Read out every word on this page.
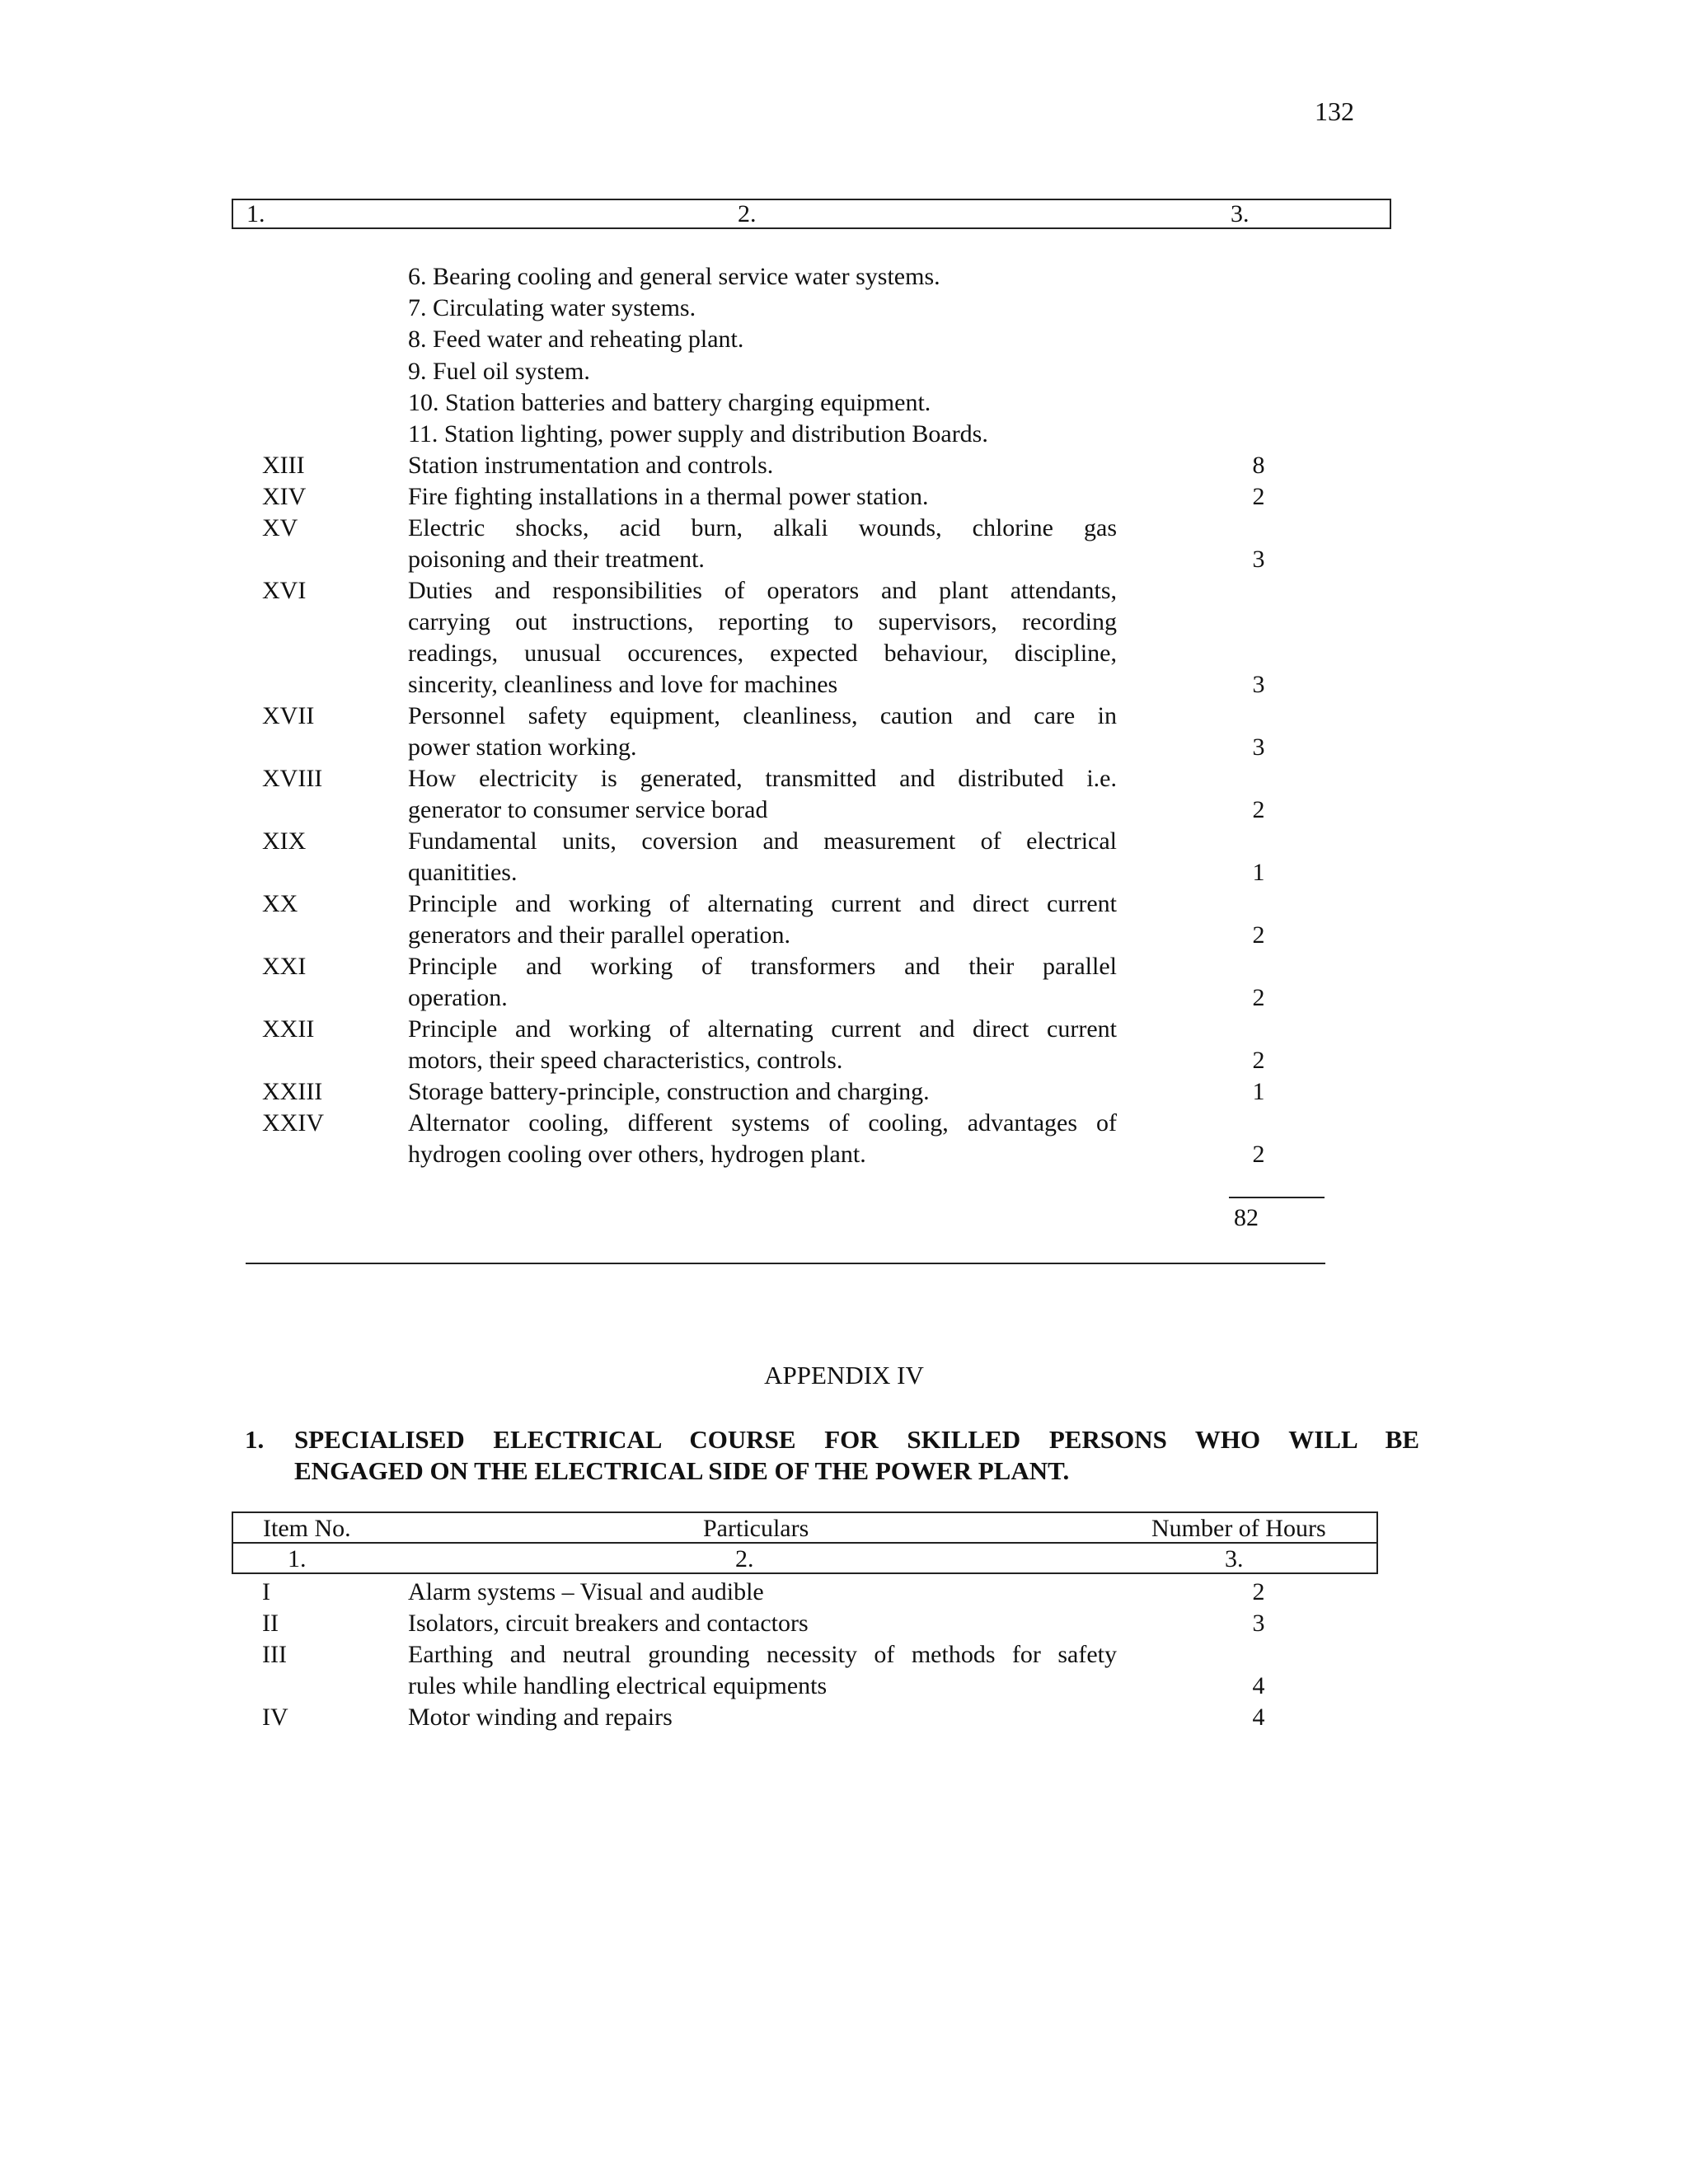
132
1.	2.	3.
6. Bearing cooling and general service water systems.
7. Circulating water systems.
8. Feed water and reheating plant.
9. Fuel oil system.
10. Station batteries and battery charging equipment.
11. Station lighting, power supply and distribution Boards.
XIII	Station instrumentation and controls.	8
XIV	Fire fighting installations in a thermal power station.	2
XV	Electric shocks, acid burn, alkali wounds, chlorine gas
poisoning and their treatment.	3
XVI	Duties and responsibilities of operators and plant attendants,
carrying out instructions, reporting to supervisors, recording
readings, unusual occurences, expected behaviour, discipline,
sincerity, cleanliness and love for machines	3
XVII	Personnel safety equipment, cleanliness, caution and care in
power station working.	3
XVIII	How electricity is generated, transmitted and distributed i.e.
generator to consumer service borad	2
XIX	Fundamental units, coversion and measurement of electrical
quanitities.	1
XX	Principle and working of alternating current and direct current
generators and their parallel operation.	2
XXI	Principle and working of transformers and their parallel
operation.	2
XXII	Principle and working of alternating current and direct current
motors, their speed characteristics, controls.	2
XXIII	Storage battery-principle, construction and charging.	1
XXIV	Alternator cooling, different systems of cooling, advantages of
hydrogen cooling over others, hydrogen plant.	2
82
APPENDIX IV
1. SPECIALISED ELECTRICAL COURSE FOR SKILLED PERSONS WHO WILL BE
ENGAGED ON THE ELECTRICAL SIDE OF THE POWER PLANT.
Item No.	Particulars	Number of Hours
1.	2.	3.
I	Alarm systems – Visual and audible	2
II	Isolators, circuit breakers and contactors	3
III	Earthing and neutral grounding necessity of methods for safety
rules while handling electrical equipments	4
IV	Motor winding and repairs	4
